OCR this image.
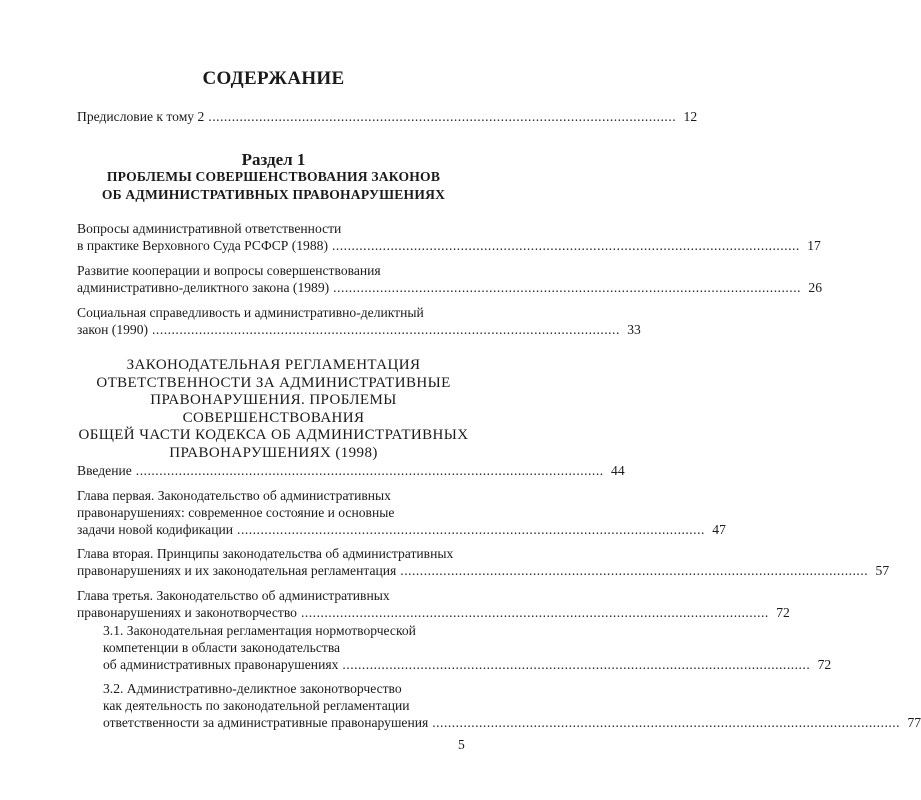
СОДЕРЖАНИЕ
Предисловие к тому 2 ........................................................................................................................ 12
Раздел 1
ПРОБЛЕМЫ СОВЕРШЕНСТВОВАНИЯ ЗАКОНОВ
ОБ АДМИНИСТРАТИВНЫХ ПРАВОНАРУШЕНИЯХ
Вопросы административной ответственности
в практике Верховного Суда РСФСР (1988) ........................................................................................................................ 17
Развитие кооперации и вопросы совершенствования
административно-деликтного закона (1989) ........................................................................................................................ 26
Социальная справедливость и административно-деликтный
закон (1990) ........................................................................................................................ 33
ЗАКОНОДАТЕЛЬНАЯ РЕГЛАМЕНТАЦИЯ
ОТВЕТСТВЕННОСТИ ЗА АДМИНИСТРАТИВНЫЕ
ПРАВОНАРУШЕНИЯ. ПРОБЛЕМЫ СОВЕРШЕНСТВОВАНИЯ
ОБЩЕЙ ЧАСТИ КОДЕКСА ОБ АДМИНИСТРАТИВНЫХ
ПРАВОНАРУШЕНИЯХ (1998)
Введение ........................................................................................................................ 44
Глава первая. Законодательство об административных
правонарушениях: современное состояние и основные
задачи новой кодификации ........................................................................................................................ 47
Глава вторая. Принципы законодательства об административных
правонарушениях и их законодательная регламентация ........................................................................................................................ 57
Глава третья. Законодательство об административных
правонарушениях и законотворчество ........................................................................................................................ 72
3.1. Законодательная регламентация нормотворческой
компетенции в области законодательства
об административных правонарушениях ........................................................................................................................ 72
3.2. Административно-деликтное законотворчество
как деятельность по законодательной регламентации
ответственности за административные правонарушения ........................................................................................................................ 77
5
